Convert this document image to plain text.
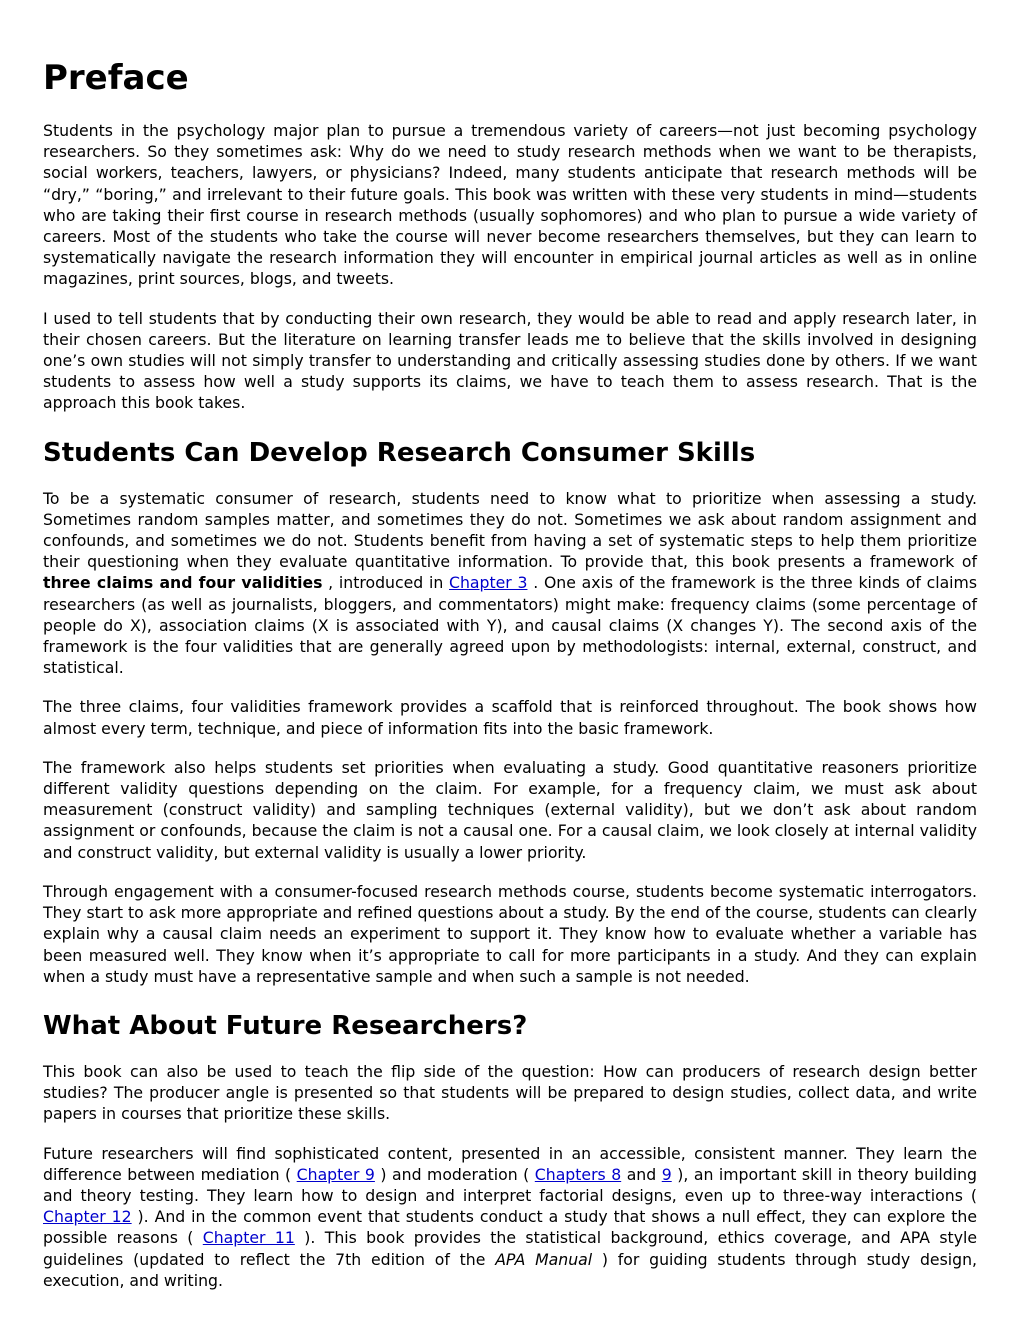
Preface

Students in the psychology major plan to pursue a tremendous variety of careers—not just becoming psychology researchers. So they sometimes ask: Why do we need to study research methods when we want to be therapists, social workers, teachers, lawyers, or physicians? Indeed, many students anticipate that research methods will be “dry,” “boring,” and irrelevant to their future goals. This book was written with these very students in mind—students who are taking their first course in research methods (usually sophomores) and who plan to pursue a wide variety of careers. Most of the students who take the course will never become researchers themselves, but they can learn to systematically navigate the research information they will encounter in empirical journal articles as well as in online magazines, print sources, blogs, and tweets.

I used to tell students that by conducting their own research, they would be able to read and apply research later, in their chosen careers. But the literature on learning transfer leads me to believe that the skills involved in designing one’s own studies will not simply transfer to understanding and critically assessing studies done by others. If we want students to assess how well a study supports its claims, we have to teach them to assess research. That is the approach this book takes.

Students Can Develop Research Consumer Skills

To be a systematic consumer of research, students need to know what to prioritize when assessing a study. Sometimes random samples matter, and sometimes they do not. Sometimes we ask about random assignment and confounds, and sometimes we do not. Students benefit from having a set of systematic steps to help them prioritize their questioning when they evaluate quantitative information. To provide that, this book presents a framework of three claims and four validities , introduced in Chapter 3 . One axis of the framework is the three kinds of claims researchers (as well as journalists, bloggers, and commentators) might make: frequency claims (some percentage of people do X), association claims (X is associated with Y), and causal claims (X changes Y). The second axis of the framework is the four validities that are generally agreed upon by methodologists: internal, external, construct, and statistical.

The three claims, four validities framework provides a scaffold that is reinforced throughout. The book shows how almost every term, technique, and piece of information fits into the basic framework.

The framework also helps students set priorities when evaluating a study. Good quantitative reasoners prioritize different validity questions depending on the claim. For example, for a frequency claim, we must ask about measurement (construct validity) and sampling techniques (external validity), but we don’t ask about random assignment or confounds, because the claim is not a causal one. For a causal claim, we look closely at internal validity and construct validity, but external validity is usually a lower priority.

Through engagement with a consumer-focused research methods course, students become systematic interrogators. They start to ask more appropriate and refined questions about a study. By the end of the course, students can clearly explain why a causal claim needs an experiment to support it. They know how to evaluate whether a variable has been measured well. They know when it’s appropriate to call for more participants in a study. And they can explain when a study must have a representative sample and when such a sample is not needed.

What About Future Researchers?

This book can also be used to teach the flip side of the question: How can producers of research design better studies? The producer angle is presented so that students will be prepared to design studies, collect data, and write papers in courses that prioritize these skills.

Future researchers will find sophisticated content, presented in an accessible, consistent manner. They learn the difference between mediation ( Chapter 9 ) and moderation ( Chapters 8 and 9 ), an important skill in theory building and theory testing. They learn how to design and interpret factorial designs, even up to three-way interactions ( Chapter 12 ). And in the common event that students conduct a study that shows a null effect, they can explore the possible reasons ( Chapter 11 ). This book provides the statistical background, ethics coverage, and APA style guidelines (updated to reflect the 7th edition of the APA Manual ) for guiding students through study design, execution, and writing.
